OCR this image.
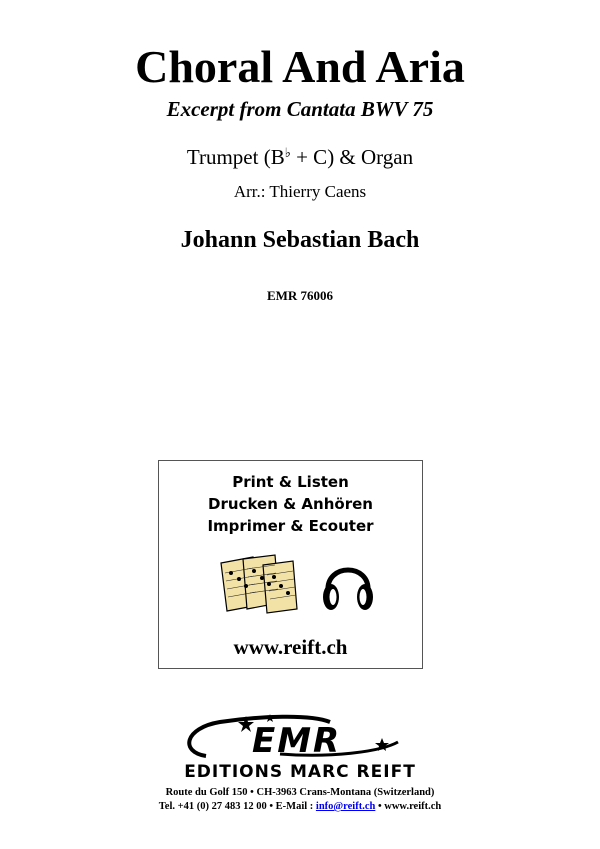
Choral And Aria
Excerpt from Cantata BWV 75
Trumpet (B♭ + C) & Organ
Arr.: Thierry Caens
Johann Sebastian Bach
EMR 76006
Print & Listen
Drucken & Anhören
Imprimer & Ecouter
www.reift.ch
EMR
EDITIONS MARC REIFT
Route du Golf 150 • CH-3963 Crans-Montana (Switzerland)
Tel. +41 (0) 27 483 12 00 • E-Mail : info@reift.ch • www.reift.ch
